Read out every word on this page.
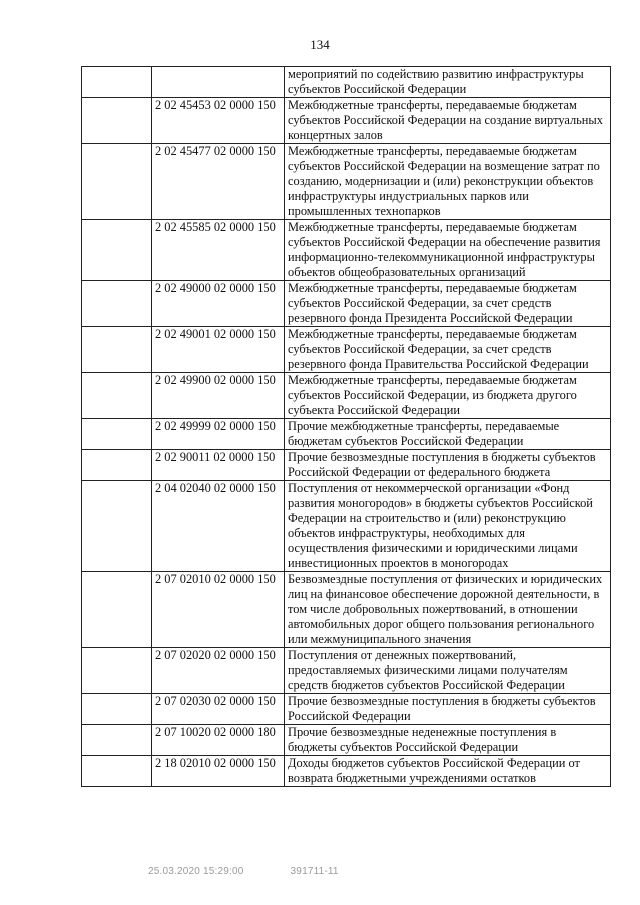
134
		мероприятий по содействию развитию инфраструктуры субъектов Российской Федерации
	2 02 45453 02 0000 150	Межбюджетные трансферты, передаваемые бюджетам субъектов Российской Федерации на создание виртуальных концертных залов
	2 02 45477 02 0000 150	Межбюджетные трансферты, передаваемые бюджетам субъектов Российской Федерации на возмещение затрат по созданию, модернизации и (или) реконструкции объектов инфраструктуры индустриальных парков или промышленных технопарков
	2 02 45585 02 0000 150	Межбюджетные трансферты, передаваемые бюджетам субъектов Российской Федерации на обеспечение развития информационно-телекоммуникационной инфраструктуры объектов общеобразовательных организаций
	2 02 49000 02 0000 150	Межбюджетные трансферты, передаваемые бюджетам субъектов Российской Федерации, за счет средств резервного фонда Президента Российской Федерации
	2 02 49001 02 0000 150	Межбюджетные трансферты, передаваемые бюджетам субъектов Российской Федерации, за счет средств резервного фонда Правительства Российской Федерации
	2 02 49900 02 0000 150	Межбюджетные трансферты, передаваемые бюджетам субъектов Российской Федерации, из бюджета другого субъекта Российской Федерации
	2 02 49999 02 0000 150	Прочие межбюджетные трансферты, передаваемые бюджетам субъектов Российской Федерации
	2 02 90011 02 0000 150	Прочие безвозмездные поступления в бюджеты субъектов Российской Федерации от федерального бюджета
	2 04 02040 02 0000 150	Поступления от некоммерческой организации «Фонд развития моногородов» в бюджеты субъектов Российской Федерации на строительство и (или) реконструкцию объектов инфраструктуры, необходимых для осуществления физическими и юридическими лицами инвестиционных проектов в моногородах
	2 07 02010 02 0000 150	Безвозмездные поступления от физических и юридических лиц на финансовое обеспечение дорожной деятельности, в том числе добровольных пожертвований, в отношении автомобильных дорог общего пользования регионального или межмуниципального значения
	2 07 02020 02 0000 150	Поступления от денежных пожертвований, предоставляемых физическими лицами получателям средств бюджетов субъектов Российской Федерации
	2 07 02030 02 0000 150	Прочие безвозмездные поступления в бюджеты субъектов Российской Федерации
	2 07 10020 02 0000 180	Прочие безвозмездные неденежные поступления в бюджеты субъектов Российской Федерации
	2 18 02010 02 0000 150	Доходы бюджетов субъектов Российской Федерации от возврата бюджетными учреждениями остатков
25.03.2020 15:29:00	391711-11
